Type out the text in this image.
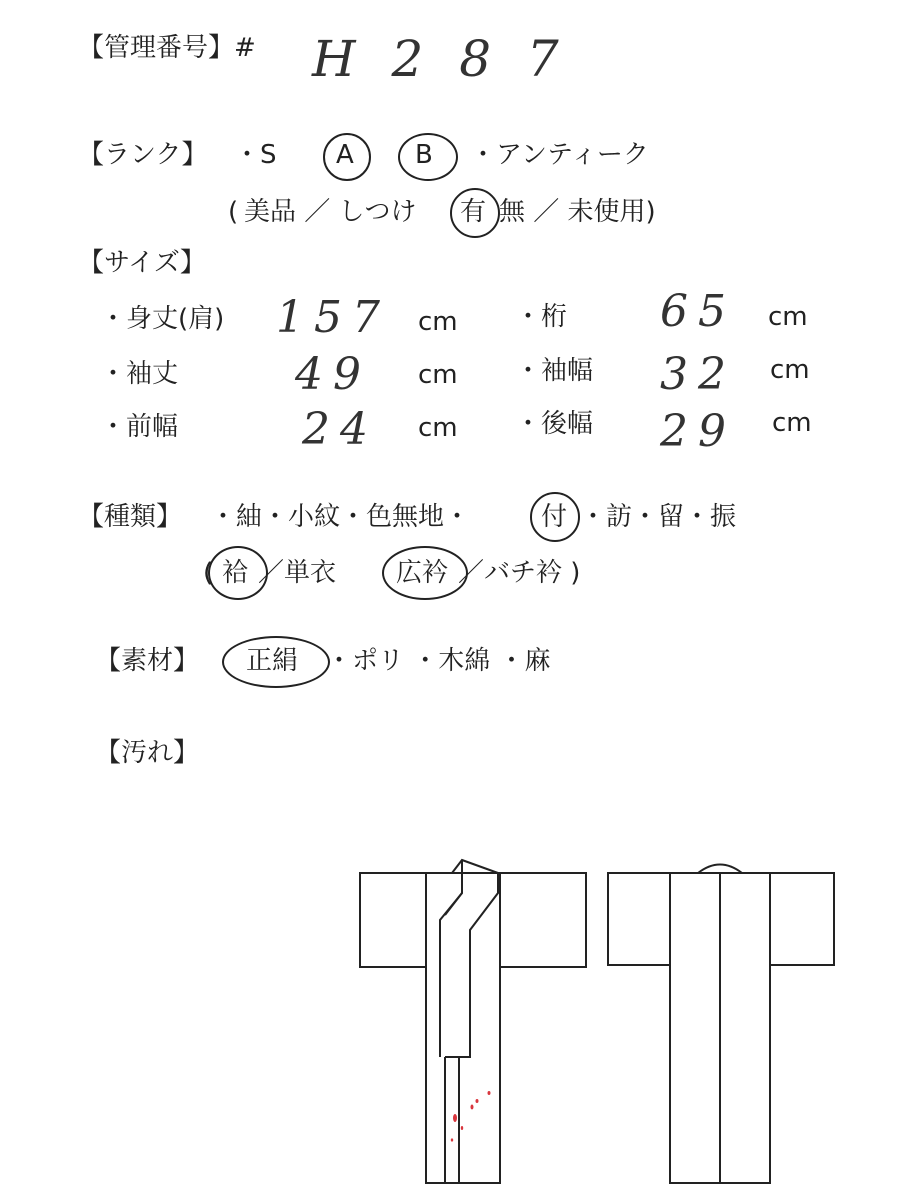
【管理番号】# H 2 8 7
【ランク】 ・S A B ・アンティーク
( 美品 ／ しつけ 有 無 ／ 未使用)
【サイズ】
・身丈(肩) 157 cm ・桁 65 cm
・袖丈	49 cm ・袖幅 32 cm
・前幅	24 cm ・後幅 29 cm
【種類】 ・紬・小紋・色無地・	付 ・訪・留・振
( 袷 ／単衣 広衿 ／バチ衿 )
【素材】 正絹 ・ポリ ・木綿 ・麻
【汚れ】
